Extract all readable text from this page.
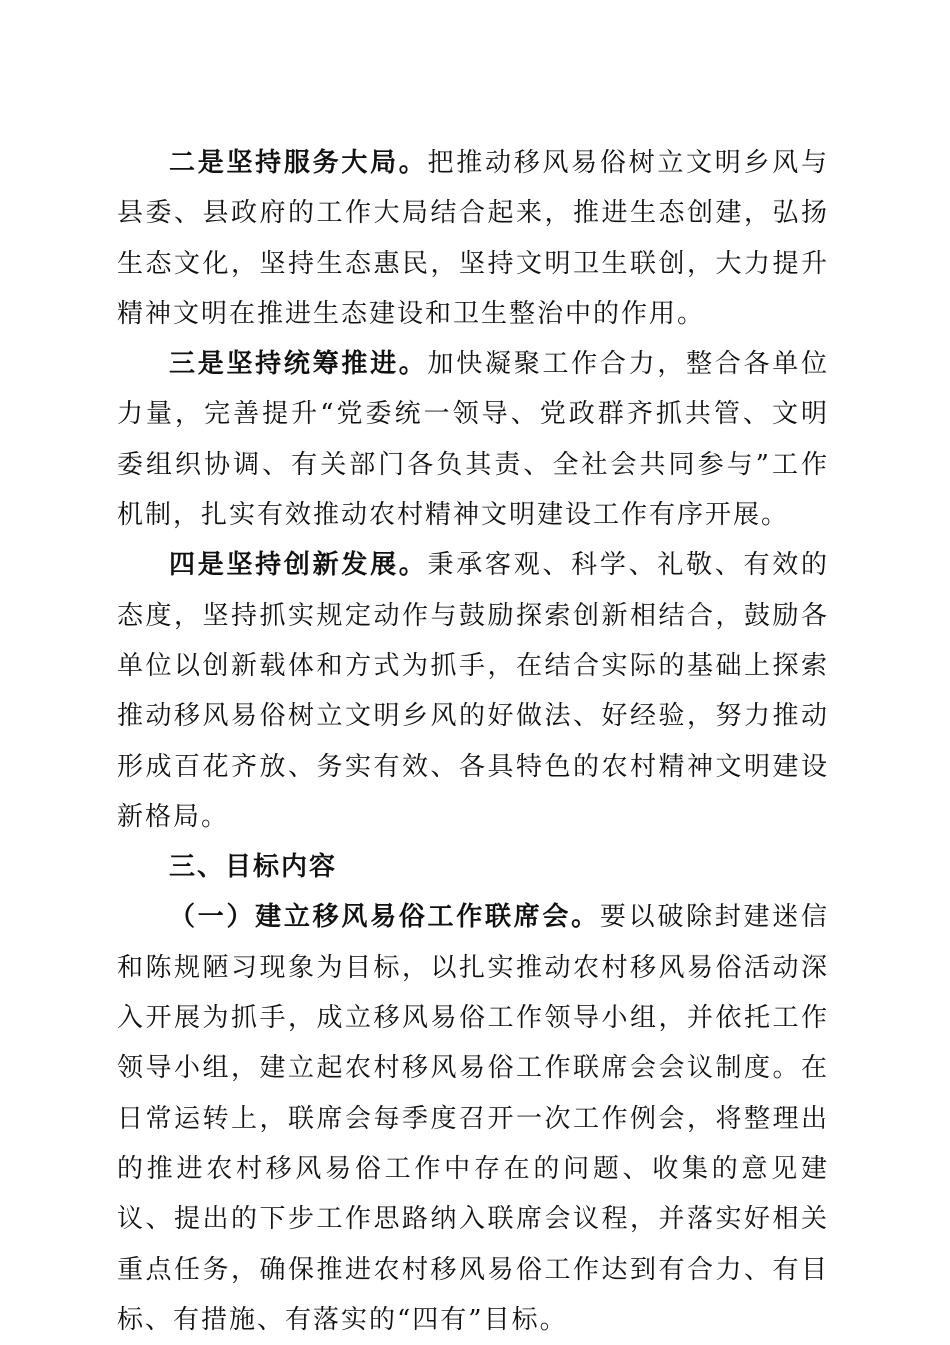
二是坚持服务大局。把推动移风易俗树立文明乡风与县委、县政府的工作大局结合起来，推进生态创建，弘扬生态文化，坚持生态惠民，坚持文明卫生联创，大力提升精神文明在推进生态建设和卫生整治中的作用。

三是坚持统筹推进。加快凝聚工作合力，整合各单位力量，完善提升“党委统一领导、党政群齐抓共管、文明委组织协调、有关部门各负其责、全社会共同参与”工作机制，扎实有效推动农村精神文明建设工作有序开展。

四是坚持创新发展。秉承客观、科学、礼敬、有效的态度，坚持抓实规定动作与鼓励探索创新相结合，鼓励各单位以创新载体和方式为抓手，在结合实际的基础上探索推动移风易俗树立文明乡风的好做法、好经验，努力推动形成百花齐放、务实有效、各具特色的农村精神文明建设新格局。

三、目标内容

（一）建立移风易俗工作联席会。要以破除封建迷信和陈规陋习现象为目标，以扎实推动农村移风易俗活动深入开展为抓手，成立移风易俗工作领导小组，并依托工作领导小组，建立起农村移风易俗工作联席会会议制度。在日常运转上，联席会每季度召开一次工作例会，将整理出的推进农村移风易俗工作中存在的问题、收集的意见建议、提出的下步工作思路纳入联席会议程，并落实好相关重点任务，确保推进农村移风易俗工作达到有合力、有目标、有措施、有落实的“四有”目标。
